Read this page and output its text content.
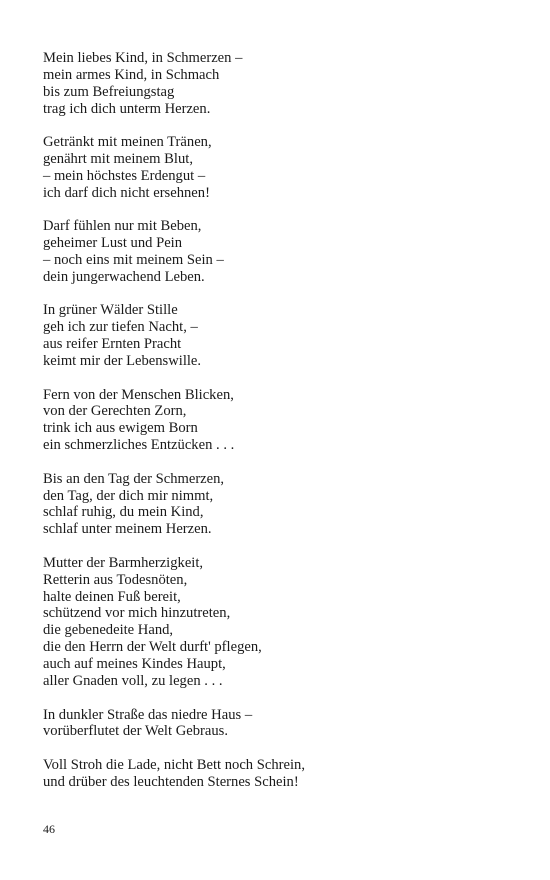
Mein liebes Kind, in Schmerzen –
mein armes Kind, in Schmach
bis zum Befreiungstag
trag ich dich unterm Herzen.
Getränkt mit meinen Tränen,
genährt mit meinem Blut,
– mein höchstes Erdengut –
ich darf dich nicht ersehnen!
Darf fühlen nur mit Beben,
geheimer Lust und Pein
– noch eins mit meinem Sein –
dein jungerwachend Leben.
In grüner Wälder Stille
geh ich zur tiefen Nacht, –
aus reifer Ernten Pracht
keimt mir der Lebenswille.
Fern von der Menschen Blicken,
von der Gerechten Zorn,
trink ich aus ewigem Born
ein schmerzliches Entzücken . . .
Bis an den Tag der Schmerzen,
den Tag, der dich mir nimmt,
schlaf ruhig, du mein Kind,
schlaf unter meinem Herzen.
Mutter der Barmherzigkeit,
Retterin aus Todesnöten,
halte deinen Fuß bereit,
schützend vor mich hinzutreten,
die gebenedeite Hand,
die den Herrn der Welt durft' pflegen,
auch auf meines Kindes Haupt,
aller Gnaden voll, zu legen . . .
In dunkler Straße das niedre Haus –
vorüberflutet der Welt Gebraus.
Voll Stroh die Lade, nicht Bett noch Schrein,
und drüber des leuchtenden Sternes Schein!
46
